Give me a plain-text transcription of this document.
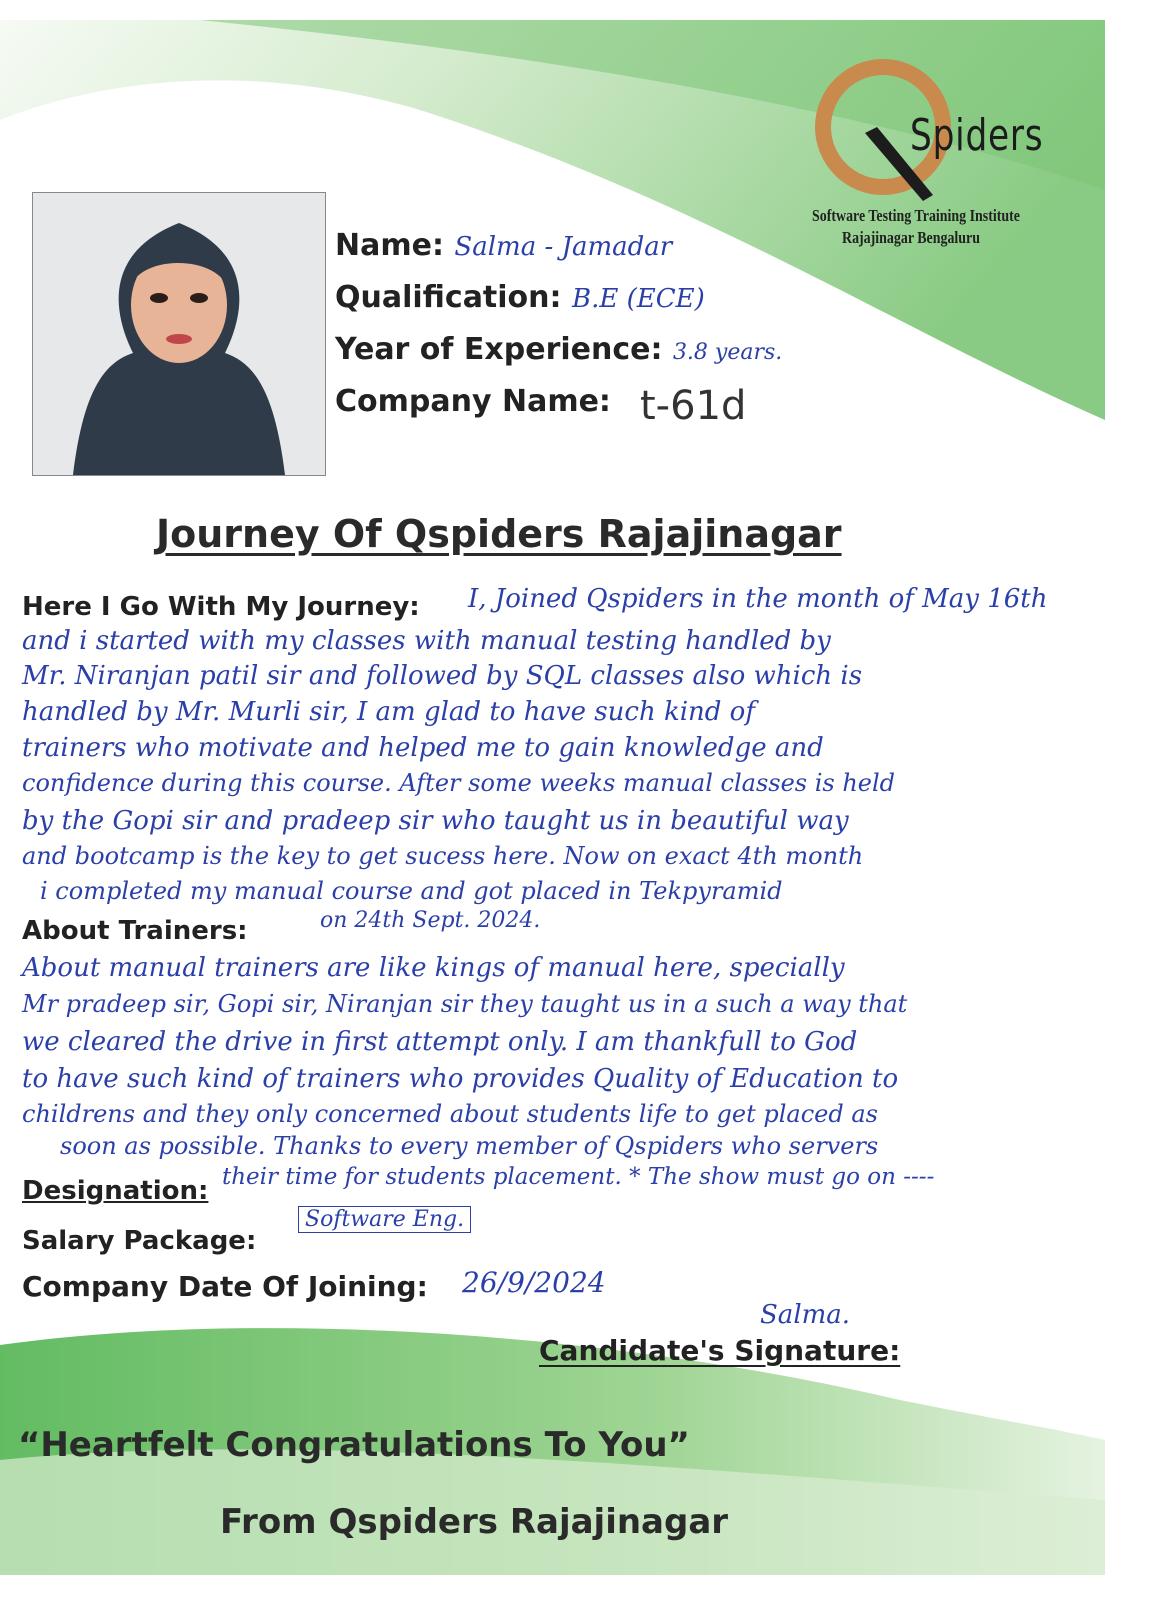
Spiders
Software Testing Training Institute
Rajajinagar Bengaluru
Name: Salma - Jamadar
Qualification: B.E (ECE)
Year of Experience: 3.8 years.
Company Name: t-61d
Journey Of Qspiders Rajajinagar
Here I Go With My Journey: I, Joined Qspiders in the month of May 16th
and i started with my classes with manual testing handled by
Mr. Niranjan patil sir and followed by SQL classes also which is
handled by Mr. Murli sir, I am glad to have such kind of
trainers who motivate and helped me to gain knowledge and
confidence during this course. After some weeks manual classes is held
by the Gopi sir and pradeep sir who taught us in beautiful way
and bootcamp is the key to get sucess here. Now on exact 4th month
i completed my manual course and got placed in Tekpyramid
About Trainers:	on 24th Sept. 2024.
About manual trainers are like kings of manual here, specially
Mr pradeep sir, Gopi sir, Niranjan sir they taught us in a such a way that
we cleared the drive in first attempt only. I am thankfull to God
to have such kind of trainers who provides Quality of Education to
childrens and they only concerned about students life to get placed as
soon as possible. Thanks to every member of Qspiders who servers
Designation: their time for students placement. * The show must go on ----
Salary Package:
Software Eng.
Company Date Of Joining: 26/9/2024
Salma.
Candidate's Signature:
“Heartfelt Congratulations To You”
From Qspiders Rajajinagar
